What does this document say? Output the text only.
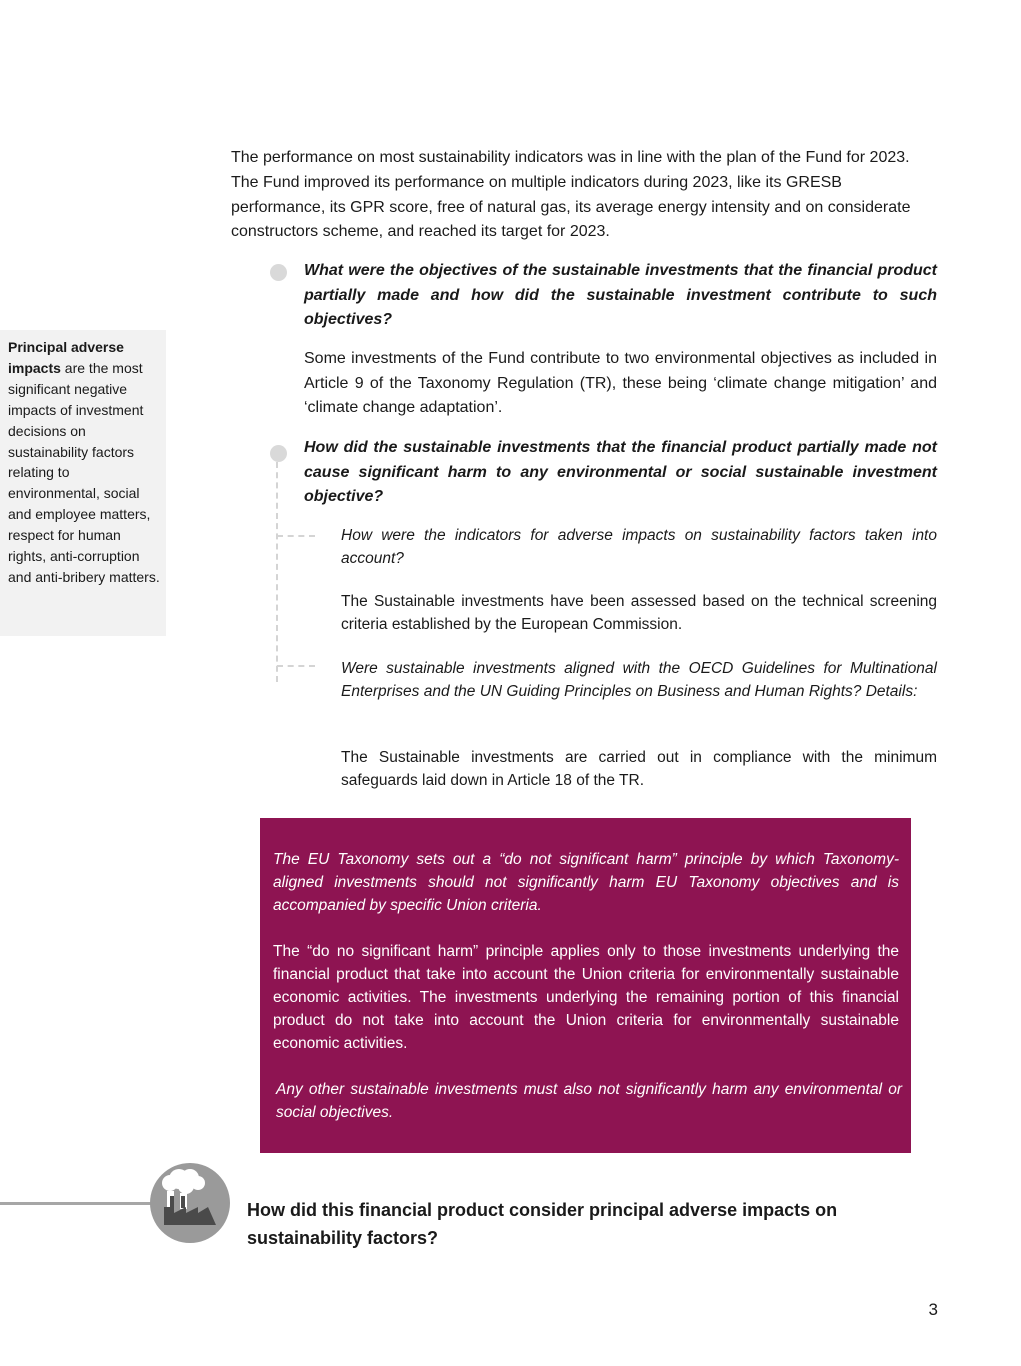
The performance on most sustainability indicators was in line with the plan of the Fund for 2023. The Fund improved its performance on multiple indicators during 2023, like its GRESB performance, its GPR score, free of natural gas, its average energy intensity and on considerate constructors scheme, and reached its target for 2023.

What were the objectives of the sustainable investments that the financial product partially made and how did the sustainable investment contribute to such objectives?

Some investments of the Fund contribute to two environmental objectives as included in Article 9 of the Taxonomy Regulation (TR), these being ‘climate change mitigation’ and ‘climate change adaptation’.

How did the sustainable investments that the financial product partially made not cause significant harm to any environmental or social sustainable investment objective?

How were the indicators for adverse impacts on sustainability factors taken into account?

The Sustainable investments have been assessed based on the technical screening criteria established by the European Commission.

Were sustainable investments aligned with the OECD Guidelines for Multinational Enterprises and the UN Guiding Principles on Business and Human Rights? Details:

The Sustainable investments are carried out in compliance with the minimum safeguards laid down in Article 18 of the TR.

Principal adverse impacts are the most significant negative impacts of investment decisions on sustainability factors relating to environmental, social and employee matters, respect for human rights, anti-corruption and anti-bribery matters.

The EU Taxonomy sets out a “do not significant harm” principle by which Taxonomy-aligned investments should not significantly harm EU Taxonomy objectives and is accompanied by specific Union criteria.

The “do no significant harm” principle applies only to those investments underlying the financial product that take into account the Union criteria for environmentally sustainable economic activities. The investments underlying the remaining portion of this financial product do not take into account the Union criteria for environmentally sustainable economic activities.

Any other sustainable investments must also not significantly harm any environmental or social objectives.

How did this financial product consider principal adverse impacts on sustainability factors?

3
